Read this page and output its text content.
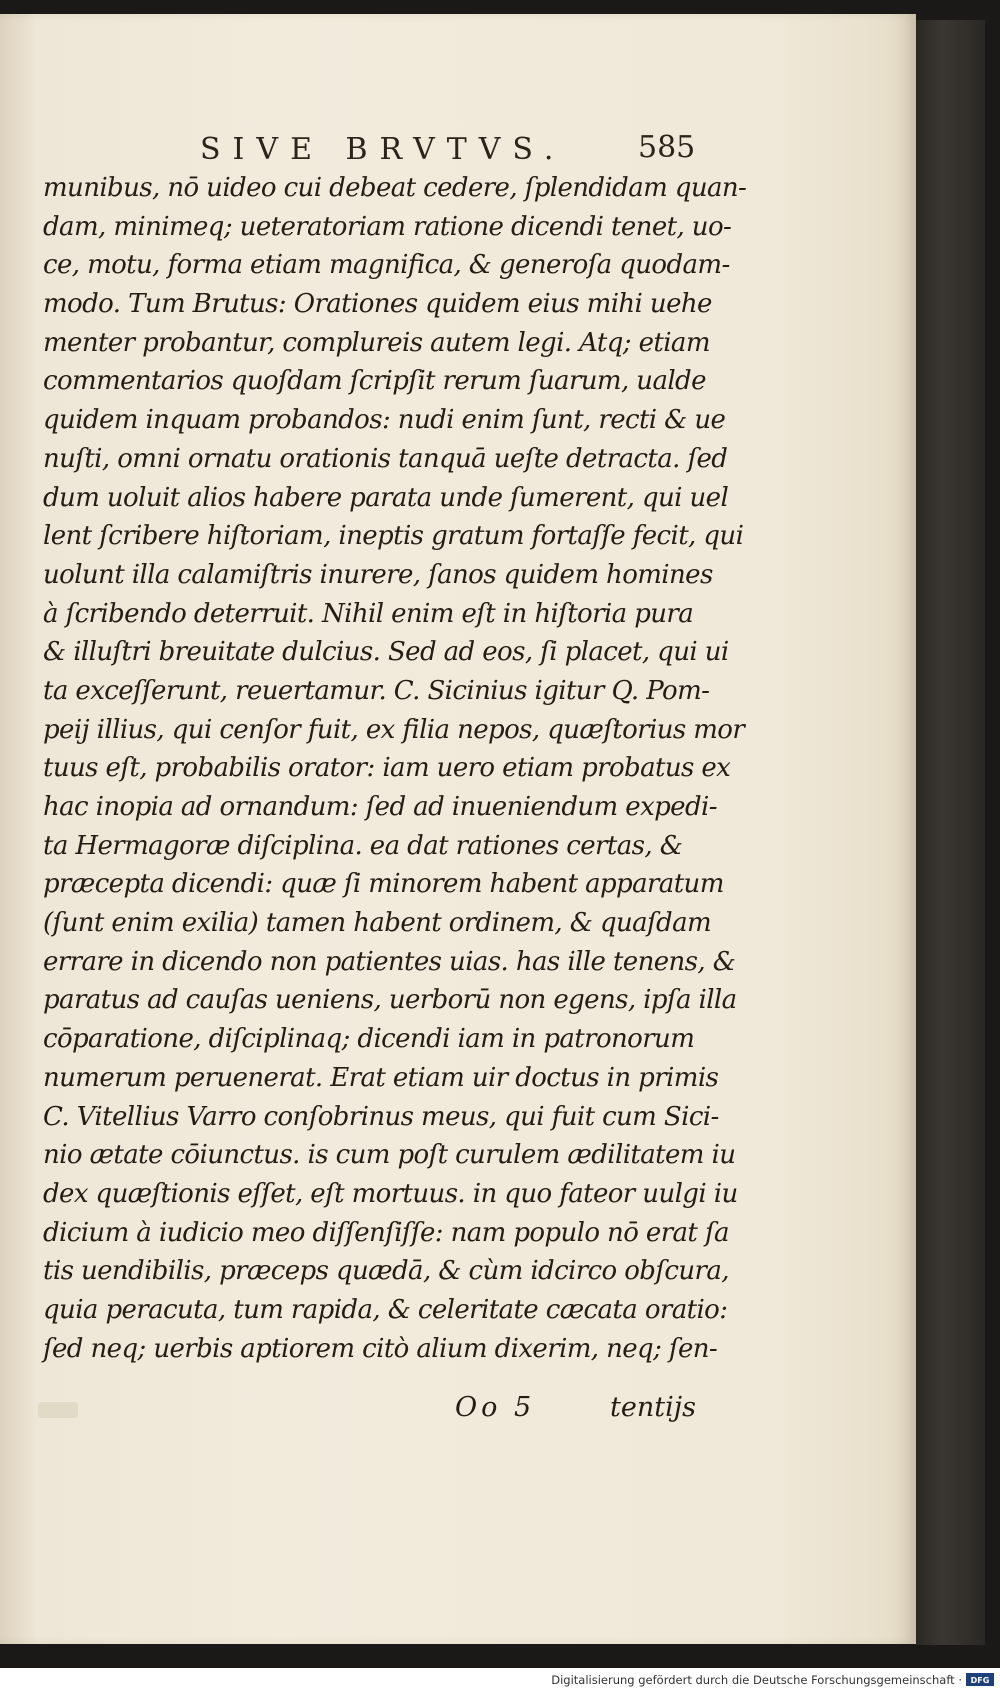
SIVE BRVTVS. 585
munibus, nō uideo cui debeat cedere, ſplendidam quan-
dam, minimeq; ueteratoriam ratione dicendi tenet, uo-
ce, motu, forma etiam magnifica, & generoſa quodam-
modo. Tum Brutus: Orationes quidem eius mihi uehe
menter probantur, complureis autem legi. Atq; etiam
commentarios quoſdam ſcripſit rerum ſuarum, ualde
quidem inquam probandos: nudi enim ſunt, recti & ue
nuſti, omni ornatu orationis tanquā ueſte detracta. ſed
dum uoluit alios habere parata unde ſumerent, qui uel
lent ſcribere hiſtoriam, ineptis gratum fortaſſe fecit, qui
uolunt illa calamiſtris inurere, ſanos quidem homines
à ſcribendo deterruit. Nihil enim eſt in hiſtoria pura
& illuſtri breuitate dulcius. Sed ad eos, ſi placet, qui ui
ta exceſſerunt, reuertamur. C. Sicinius igitur Q. Pom-
peij illius, qui cenſor fuit, ex filia nepos, quæſtorius mor
tuus eſt, probabilis orator: iam uero etiam probatus ex
hac inopia ad ornandum: ſed ad inueniendum expedi-
ta Hermagoræ diſciplina. ea dat rationes certas, &
præcepta dicendi: quæ ſi minorem habent apparatum
(ſunt enim exilia) tamen habent ordinem, & quaſdam
errare in dicendo non patientes uias. has ille tenens, &
paratus ad cauſas ueniens, uerborū non egens, ipſa illa
cōparatione, diſciplinaq; dicendi iam in patronorum
numerum peruenerat. Erat etiam uir doctus in primis
C. Vitellius Varro conſobrinus meus, qui fuit cum Sici-
nio ætate cōiunctus. is cum poſt curulem ædilitatem iu
dex quæſtionis eſſet, eſt mortuus. in quo fateor uulgi iu
dicium à iudicio meo diſſenſiſſe: nam populo nō erat ſa
tis uendibilis, præceps quædā, & cùm idcirco obſcura,
quia peracuta, tum rapida, & celeritate cæcata oratio:
ſed neq; uerbis aptiorem citò alium dixerim, neq; ſen-
Oo 5	tentijs
Digitalisierung gefördert durch die Deutsche Forschungsgemeinschaft · DFG
